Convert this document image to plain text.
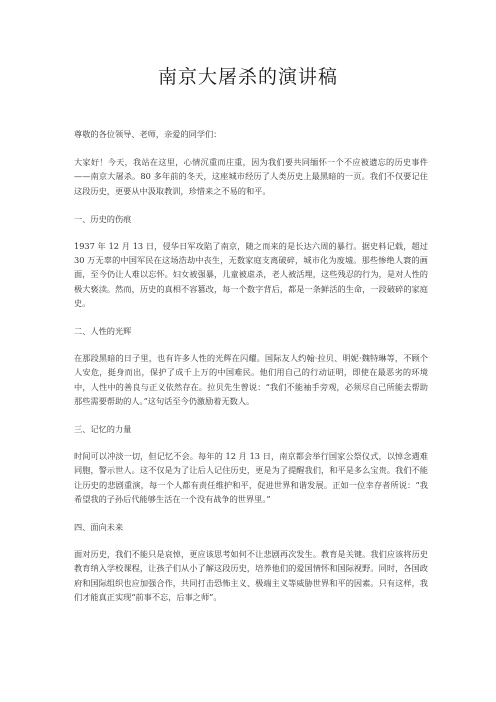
南京大屠杀的演讲稿

尊敬的各位领导、老师，亲爱的同学们：

大家好！今天，我站在这里，心情沉重而庄重，因为我们要共同缅怀一个不应被遗忘的历史事件——南京大屠杀。80 多年前的冬天，这座城市经历了人类历史上最黑暗的一页。我们不仅要记住这段历史，更要从中汲取教训，珍惜来之不易的和平。

一、历史的伤痕

1937 年 12 月 13 日，侵华日军攻陷了南京，随之而来的是长达六周的暴行。据史料记载，超过 30 万无辜的中国军民在这场浩劫中丧生，无数家庭支离破碎，城市化为废墟。那些惨绝人寰的画面，至今仍让人难以忘怀。妇女被强暴，儿童被虐杀，老人被活埋，这些残忍的行为，是对人性的极大亵渎。然而，历史的真相不容篡改，每一个数字背后，都是一条鲜活的生命，一段破碎的家庭史。

二、人性的光辉

在那段黑暗的日子里，也有许多人性的光辉在闪耀。国际友人约翰·拉贝、明妮·魏特琳等，不顾个人安危，挺身而出，保护了成千上万的中国难民。他们用自己的行动证明，即使在最恶劣的环境中，人性中的善良与正义依然存在。拉贝先生曾说：“我们不能袖手旁观，必须尽自己所能去帮助那些需要帮助的人。”这句话至今仍激励着无数人。

三、记忆的力量

时间可以冲淡一切，但记忆不会。每年的 12 月 13 日，南京都会举行国家公祭仪式，以悼念遇难同胞，警示世人。这不仅是为了让后人记住历史，更是为了提醒我们，和平是多么宝贵。我们不能让历史的悲剧重演，每一个人都有责任维护和平，促进世界和谐发展。正如一位幸存者所说：“我希望我的子孙后代能够生活在一个没有战争的世界里。”

四、面向未来

面对历史，我们不能只是哀悼，更应该思考如何不让悲剧再次发生。教育是关键。我们应该将历史教育纳入学校课程，让孩子们从小了解这段历史，培养他们的爱国情怀和国际视野。同时，各国政府和国际组织也应加强合作，共同打击恐怖主义、极端主义等威胁世界和平的因素。只有这样，我们才能真正实现“前事不忘，后事之师”。
